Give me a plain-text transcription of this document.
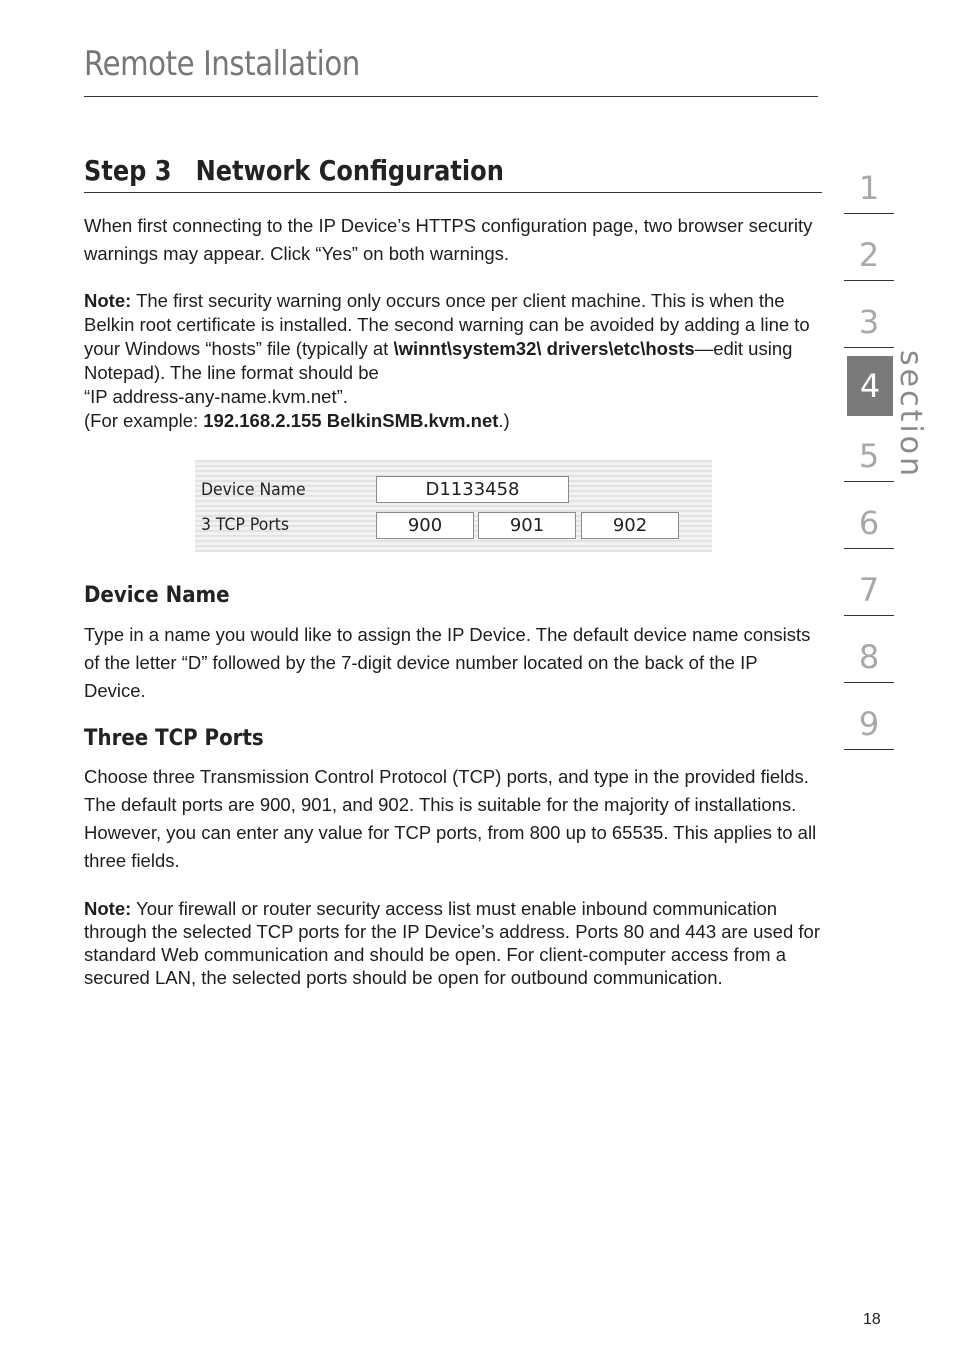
Remote Installation
Step 3 Network Configuration

When first connecting to the IP Device’s HTTPS configuration page, two browser security warnings may appear. Click “Yes” on both warnings.

Note: The first security warning only occurs once per client machine. This is when the Belkin root certificate is installed. The second warning can be avoided by adding a line to your Windows “hosts” file (typically at \winnt\system32\ drivers\etc\hosts—edit using Notepad). The line format should be
“IP address-any-name.kvm.net”.
(For example: 192.168.2.155 BelkinSMB.kvm.net.)

Device Name	D1133458
3 TCP Ports	900	901	902
Device Name

Type in a name you would like to assign the IP Device. The default device name consists of the letter “D” followed by the 7-digit device number located on the back of the IP Device.

Three TCP Ports

Choose three Transmission Control Protocol (TCP) ports, and type in the provided fields. The default ports are 900, 901, and 902. This is suitable for the majority of installations. However, you can enter any value for TCP ports, from 800 up to 65535. This applies to all three fields.

Note: Your firewall or router security access list must enable inbound communication through the selected TCP ports for the IP Device’s address. Ports 80 and 443 are used for standard Web communication and should be open. For client-computer access from a secured LAN, the selected ports should be open for outbound communication.

1
2
3
4
5
6
7
8
9
section
18
